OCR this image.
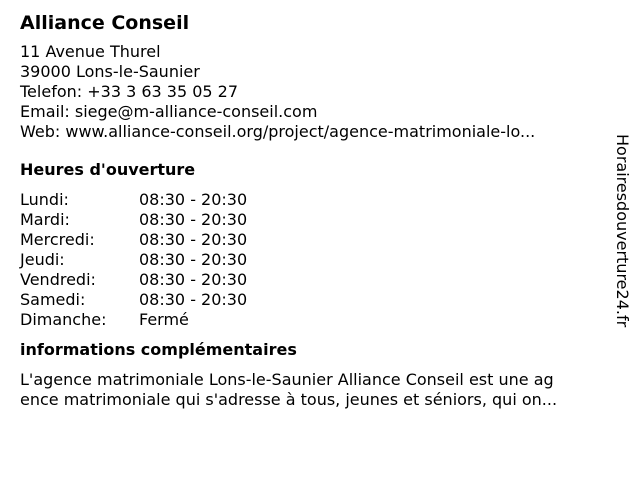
Alliance Conseil
11 Avenue Thurel
39000 Lons-le-Saunier
Telefon: +33 3 63 35 05 27
Email: siege@m-alliance-conseil.com
Web: www.alliance-conseil.org/project/agence-matrimoniale-lo...
Heures d'ouverture
Lundi:	08:30 - 20:30
Mardi:	08:30 - 20:30
Mercredi:	08:30 - 20:30
Jeudi:	08:30 - 20:30
Vendredi:	08:30 - 20:30
Samedi:	08:30 - 20:30
Dimanche:	Fermé
informations complémentaires
L'agence matrimoniale Lons-le-Saunier Alliance Conseil est une ag
ence matrimoniale qui s'adresse à tous, jeunes et séniors, qui on...
Horairesdouverture24.fr
